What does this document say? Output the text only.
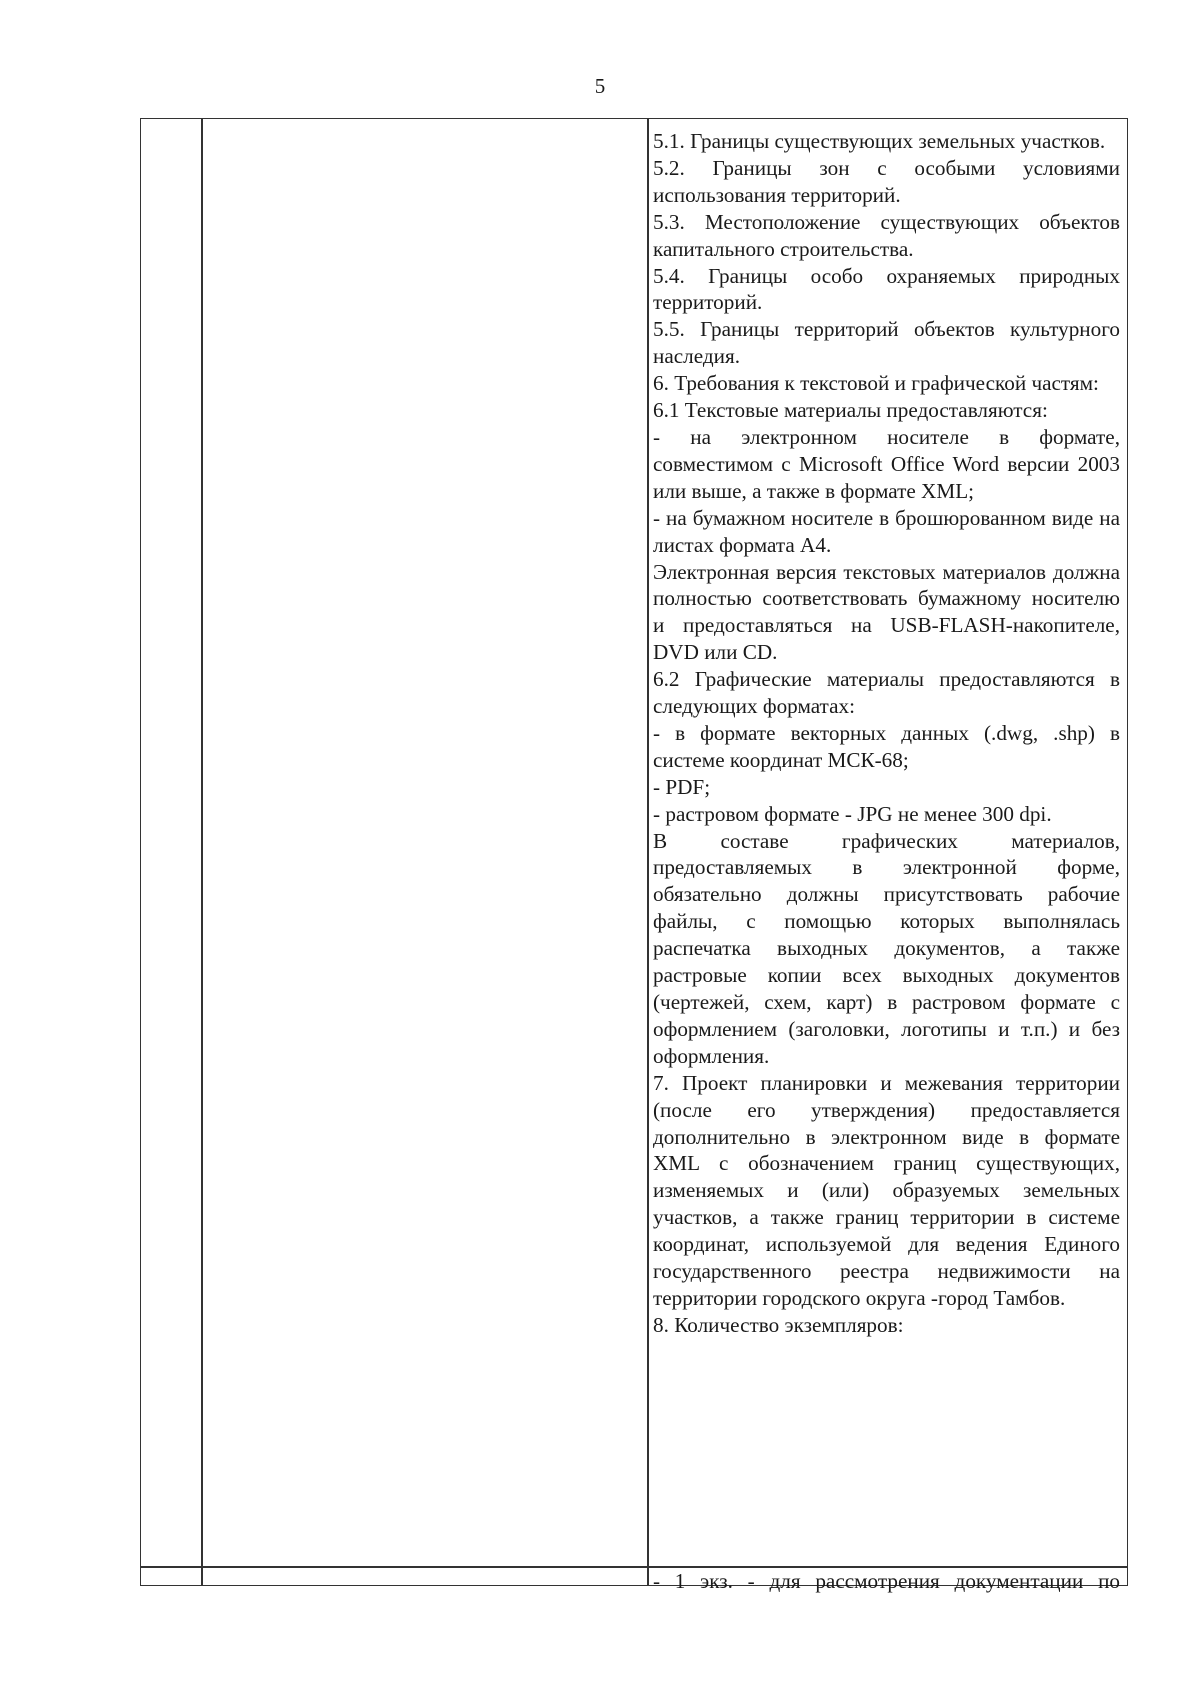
5

5.1. Границы существующих земельных участков.

5.2. Границы зон с особыми условиями использования территорий.

5.3. Местоположение существующих объектов капитального строительства.

5.4. Границы особо охраняемых природных территорий.

5.5. Границы территорий объектов культурного наследия.

6. Требования к текстовой и графической частям:

6.1 Текстовые материалы предоставляются:

- на электронном носителе в формате, совместимом с Microsoft Office Word версии 2003 или выше, а также в формате XML;

- на бумажном носителе в брошюрованном виде на листах формата А4.

Электронная версия текстовых материалов должна полностью соответствовать бумажному носителю и предоставляться на USB-FLASH-накопителе, DVD или CD.

6.2 Графические материалы предоставляются в следующих форматах:

- в формате векторных данных (.dwg, .shp) в системе координат МСК-68;

- PDF;

- растровом формате - JPG не менее 300 dpi.

В составе графических материалов, предоставляемых в электронной форме, обязательно должны присутствовать рабочие файлы, с помощью которых выполнялась распечатка выходных документов, а также растровые копии всех выходных документов (чертежей, схем, карт) в растровом формате с оформлением (заголовки, логотипы и т.п.) и без оформления.

7. Проект планировки и межевания территории (после его утверждения) предоставляется дополнительно в электронном виде в формате XML с обозначением границ существующих, изменяемых и (или) образуемых земельных участков, а также границ территории в системе координат, используемой для ведения Единого государственного реестра недвижимости на территории городского округа -город Тамбов.

8. Количество экземпляров:

- 1 экз. - для рассмотрения документации по
